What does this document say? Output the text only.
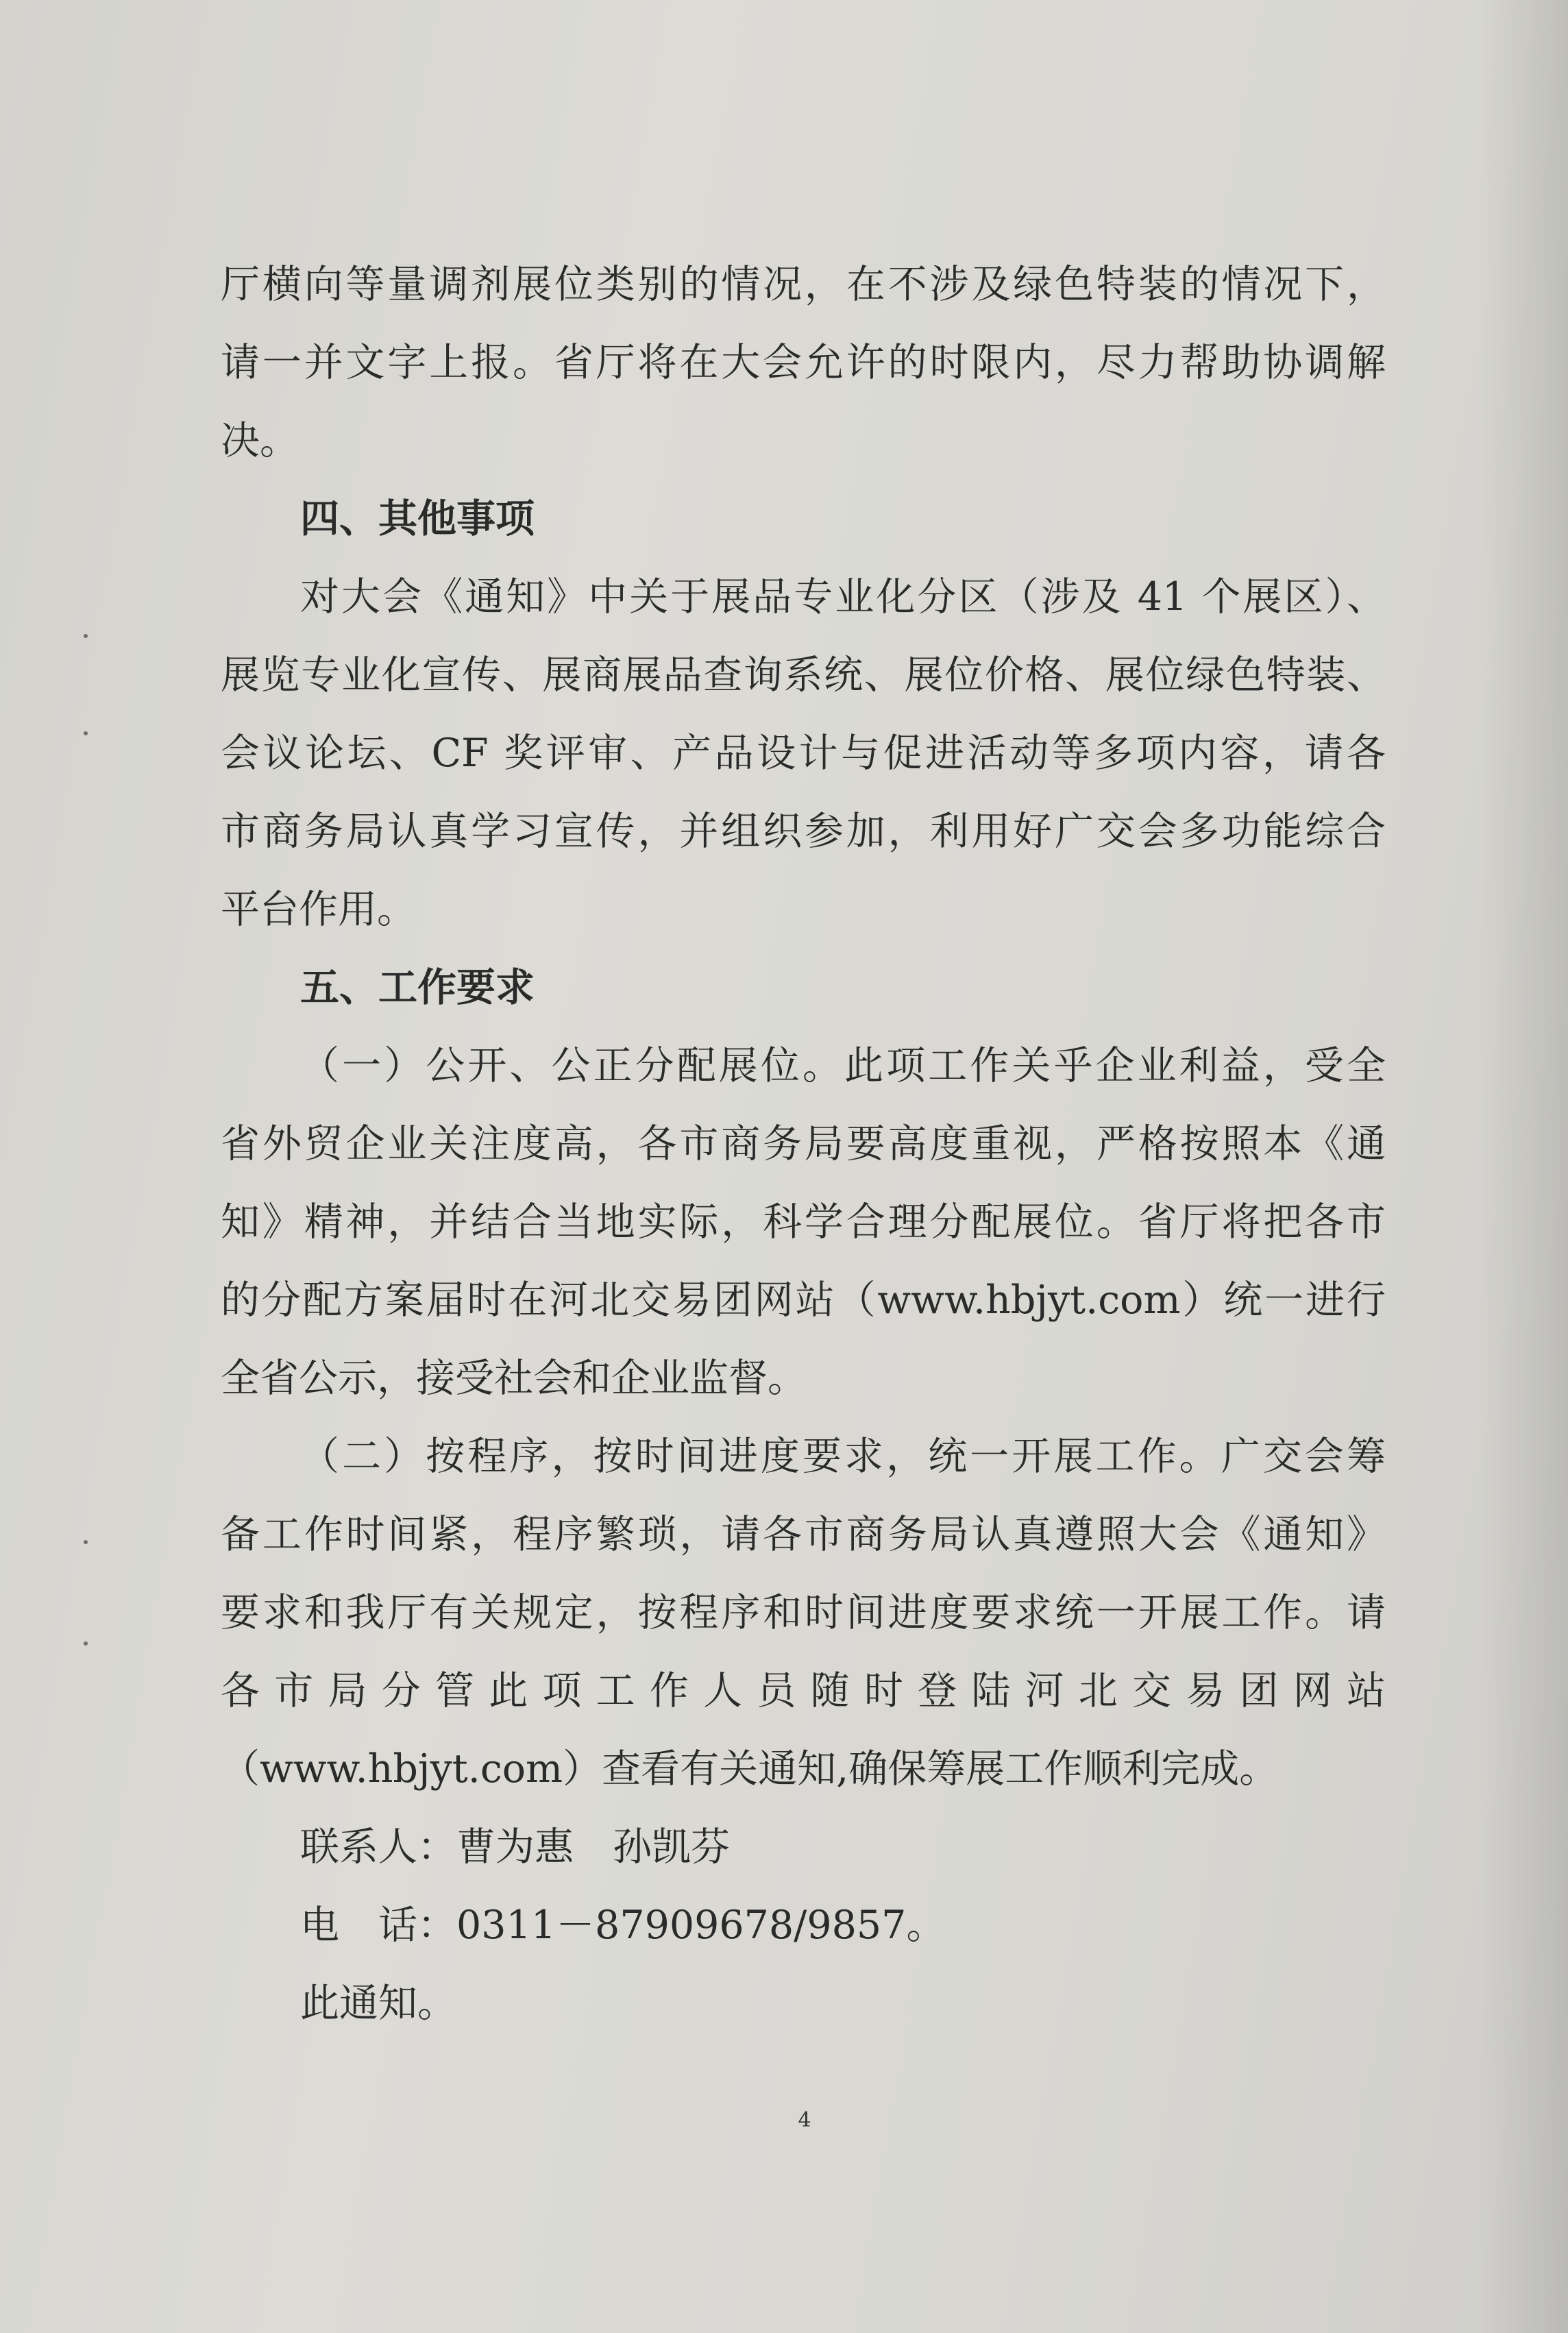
厅横向等量调剂展位类别的情况，在不涉及绿色特装的情况下，
请一并文字上报。省厅将在大会允许的时限内，尽力帮助协调解
决。
四、其他事项
对大会《通知》中关于展品专业化分区（涉及 41 个展区）、
展览专业化宣传、展商展品查询系统、展位价格、展位绿色特装、
会议论坛、CF 奖评审、产品设计与促进活动等多项内容，请各
市商务局认真学习宣传，并组织参加，利用好广交会多功能综合
平台作用。
五、工作要求
（一）公开、公正分配展位。此项工作关乎企业利益，受全
省外贸企业关注度高，各市商务局要高度重视，严格按照本《通
知》精神，并结合当地实际，科学合理分配展位。省厅将把各市
的分配方案届时在河北交易团网站（www.hbjyt.com）统一进行
全省公示，接受社会和企业监督。
（二）按程序，按时间进度要求，统一开展工作。广交会筹
备工作时间紧，程序繁琐，请各市商务局认真遵照大会《通知》
要求和我厅有关规定，按程序和时间进度要求统一开展工作。请
各市局分管此项工作人员随时登陆河北交易团网站
（www.hbjyt.com）查看有关通知,确保筹展工作顺利完成。
联系人：曹为惠　孙凯芬
电　话：0311－87909678/9857。
此通知。
4
